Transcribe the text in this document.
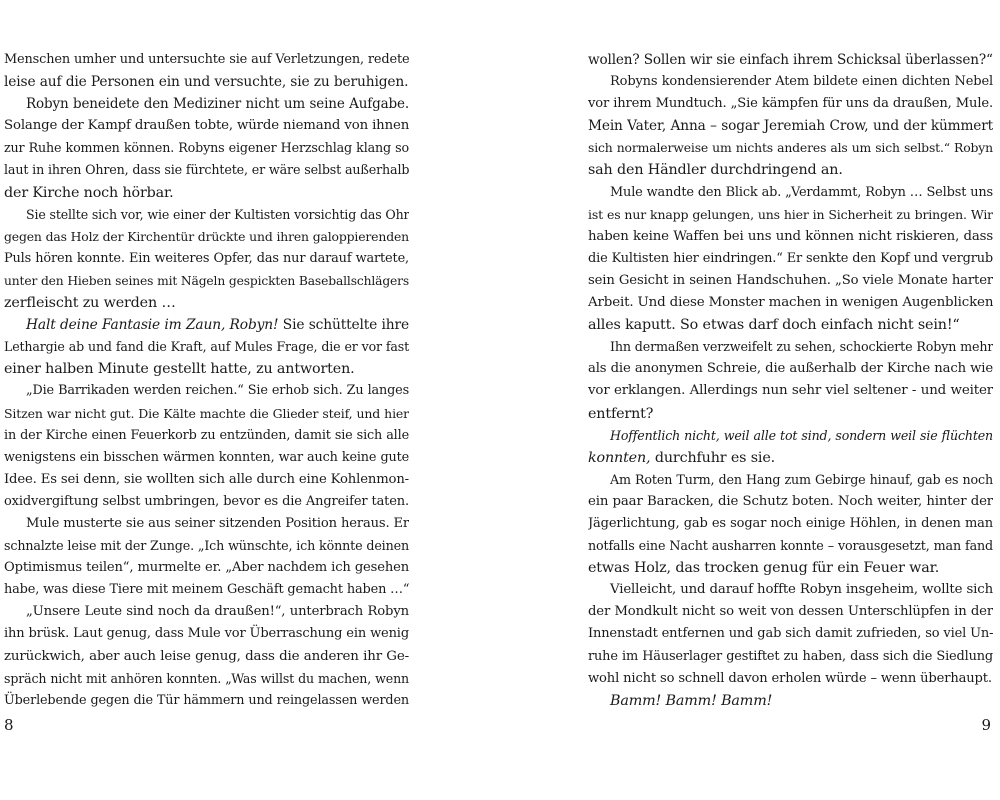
Menschen umher und untersuchte sie auf Verletzungen, redete
leise auf die Personen ein und versuchte, sie zu beruhigen.
Robyn beneidete den Mediziner nicht um seine Aufgabe.
Solange der Kampf draußen tobte, würde niemand von ihnen
zur Ruhe kommen können. Robyns eigener Herzschlag klang so
laut in ihren Ohren, dass sie fürchtete, er wäre selbst außerhalb
der Kirche noch hörbar.
Sie stellte sich vor, wie einer der Kultisten vorsichtig das Ohr
gegen das Holz der Kirchentür drückte und ihren galoppierenden
Puls hören konnte. Ein weiteres Opfer, das nur darauf wartete,
unter den Hieben seines mit Nägeln gespickten Baseballschlägers
zerfleischt zu werden …
Halt deine Fantasie im Zaun, Robyn! Sie schüttelte ihre
Lethargie ab und fand die Kraft, auf Mules Frage, die er vor fast
einer halben Minute gestellt hatte, zu antworten.
„Die Barrikaden werden reichen.“ Sie erhob sich. Zu langes
Sitzen war nicht gut. Die Kälte machte die Glieder steif, und hier
in der Kirche einen Feuerkorb zu entzünden, damit sie sich alle
wenigstens ein bisschen wärmen konnten, war auch keine gute
Idee. Es sei denn, sie wollten sich alle durch eine Kohlenmon-
oxidvergiftung selbst umbringen, bevor es die Angreifer taten.
Mule musterte sie aus seiner sitzenden Position heraus. Er
schnalzte leise mit der Zunge. „Ich wünschte, ich könnte deinen
Optimismus teilen“, murmelte er. „Aber nachdem ich gesehen
habe, was diese Tiere mit meinem Geschäft gemacht haben …“
„Unsere Leute sind noch da draußen!“, unterbrach Robyn
ihn brüsk. Laut genug, dass Mule vor Überraschung ein wenig
zurückwich, aber auch leise genug, dass die anderen ihr Ge-
spräch nicht mit anhören konnten. „Was willst du machen, wenn
Überlebende gegen die Tür hämmern und reingelassen werden
8
wollen? Sollen wir sie einfach ihrem Schicksal überlassen?“
Robyns kondensierender Atem bildete einen dichten Nebel
vor ihrem Mundtuch. „Sie kämpfen für uns da draußen, Mule.
Mein Vater, Anna – sogar Jeremiah Crow, und der kümmert
sich normalerweise um nichts anderes als um sich selbst.“ Robyn
sah den Händler durchdringend an.
Mule wandte den Blick ab. „Verdammt, Robyn … Selbst uns
ist es nur knapp gelungen, uns hier in Sicherheit zu bringen. Wir
haben keine Waffen bei uns und können nicht riskieren, dass
die Kultisten hier eindringen.“ Er senkte den Kopf und vergrub
sein Gesicht in seinen Handschuhen. „So viele Monate harter
Arbeit. Und diese Monster machen in wenigen Augenblicken
alles kaputt. So etwas darf doch einfach nicht sein!“
Ihn dermaßen verzweifelt zu sehen, schockierte Robyn mehr
als die anonymen Schreie, die außerhalb der Kirche nach wie
vor erklangen. Allerdings nun sehr viel seltener - und weiter
entfernt?
Hoffentlich nicht, weil alle tot sind, sondern weil sie flüchten
konnten, durchfuhr es sie.
Am Roten Turm, den Hang zum Gebirge hinauf, gab es noch
ein paar Baracken, die Schutz boten. Noch weiter, hinter der
Jägerlichtung, gab es sogar noch einige Höhlen, in denen man
notfalls eine Nacht ausharren konnte – vorausgesetzt, man fand
etwas Holz, das trocken genug für ein Feuer war.
Vielleicht, und darauf hoffte Robyn insgeheim, wollte sich
der Mondkult nicht so weit von dessen Unterschlüpfen in der
Innenstadt entfernen und gab sich damit zufrieden, so viel Un-
ruhe im Häuserlager gestiftet zu haben, dass sich die Siedlung
wohl nicht so schnell davon erholen würde – wenn überhaupt.
Bamm! Bamm! Bamm!
9
